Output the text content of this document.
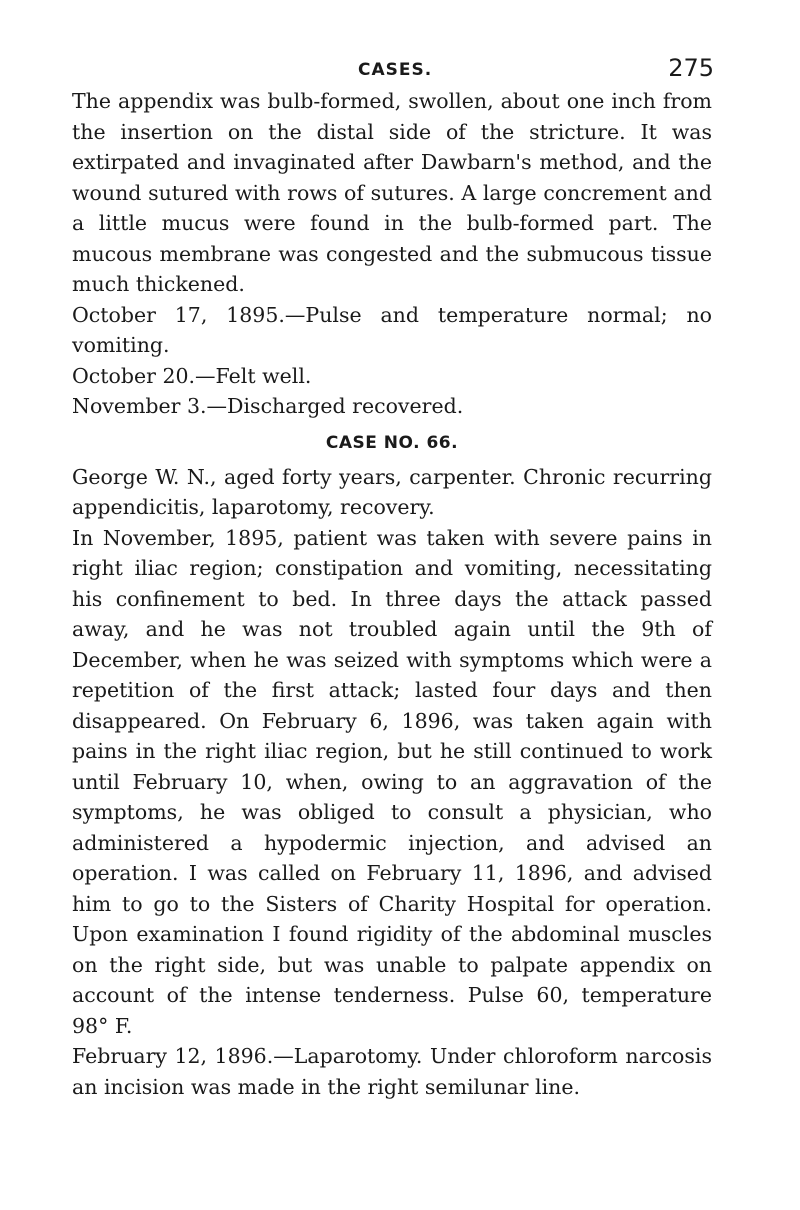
CASES.	275

The appendix was bulb-formed, swollen, about one inch from the insertion on the distal side of the stricture. It was extirpated and invaginated after Dawbarn's method, and the wound sutured with rows of sutures. A large concrement and a little mucus were found in the bulb-formed part. The mucous membrane was congested and the submucous tissue much thickened.

October 17, 1895.—Pulse and temperature normal; no vomiting.

October 20.—Felt well.

November 3.—Discharged recovered.

CASE NO. 66.

George W. N., aged forty years, carpenter. Chronic recurring appendicitis, laparotomy, recovery.

In November, 1895, patient was taken with severe pains in right iliac region; constipation and vomiting, necessitating his confinement to bed. In three days the attack passed away, and he was not troubled again until the 9th of December, when he was seized with symptoms which were a repetition of the first attack; lasted four days and then disappeared. On February 6, 1896, was taken again with pains in the right iliac region, but he still continued to work until February 10, when, owing to an aggravation of the symptoms, he was obliged to consult a physician, who administered a hypodermic injection, and advised an operation. I was called on February 11, 1896, and advised him to go to the Sisters of Charity Hospital for operation. Upon examination I found rigidity of the abdominal muscles on the right side, but was unable to palpate appendix on account of the intense tenderness. Pulse 60, temperature 98° F.

February 12, 1896.—Laparotomy. Under chloroform narcosis an incision was made in the right semilunar line.
